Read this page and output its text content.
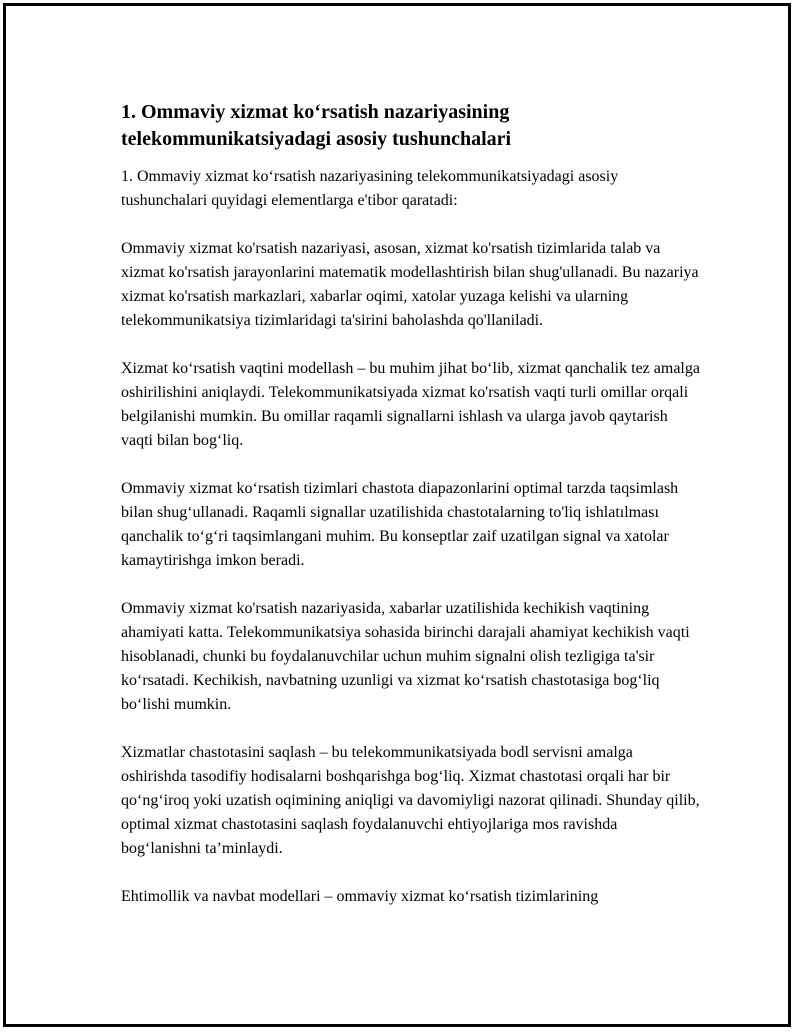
1. Ommaviy xizmat ko‘rsatish nazariyasining telekommunikatsiyadagi asosiy tushunchalari

1. Ommaviy xizmat ko‘rsatish nazariyasining telekommunikatsiyadagi asosiy tushunchalari quyidagi elementlarga e'tibor qaratadi:

Ommaviy xizmat ko'rsatish nazariyasi, asosan, xizmat ko'rsatish tizimlarida talab va xizmat ko'rsatish jarayonlarini matematik modellashtirish bilan shug'ullanadi. Bu nazariya xizmat ko'rsatish markazlari, xabarlar oqimi, xatolar yuzaga kelishi va ularning telekommunikatsiya tizimlaridagi ta'sirini baholashda qo'llaniladi.

Xizmat ko‘rsatish vaqtini modellash – bu muhim jihat bo‘lib, xizmat qanchalik tez amalga oshirilishini aniqlaydi. Telekommunikatsiyada xizmat ko'rsatish vaqti turli omillar orqali belgilanishi mumkin. Bu omillar raqamli signallarni ishlash va ularga javob qaytarish vaqti bilan bog‘liq.

Ommaviy xizmat ko‘rsatish tizimlari chastota diapazonlarini optimal tarzda taqsimlash bilan shug‘ullanadi. Raqamli signallar uzatilishida chastotalarning to'liq ishlatılması qanchalik to‘g‘ri taqsimlangani muhim. Bu konseptlar zaif uzatilgan signal va xatolar kamaytirishga imkon beradi.

Ommaviy xizmat ko'rsatish nazariyasida, xabarlar uzatilishida kechikish vaqtining ahamiyati katta. Telekommunikatsiya sohasida birinchi darajali ahamiyat kechikish vaqti hisoblanadi, chunki bu foydalanuvchilar uchun muhim signalni olish tezligiga ta'sir ko‘rsatadi. Kechikish, navbatning uzunligi va xizmat ko‘rsatish chastotasiga bog‘liq bo‘lishi mumkin.

Xizmatlar chastotasini saqlash – bu telekommunikatsiyada bodl servisni amalga oshirishda tasodifiy hodisalarni boshqarishga bog‘liq. Xizmat chastotasi orqali har bir qo‘ng‘iroq yoki uzatish oqimining aniqligi va davomiyligi nazorat qilinadi. Shunday qilib, optimal xizmat chastotasini saqlash foydalanuvchi ehtiyojlariga mos ravishda bog‘lanishni ta’minlaydi.

Ehtimollik va navbat modellari – ommaviy xizmat ko‘rsatish tizimlarining
